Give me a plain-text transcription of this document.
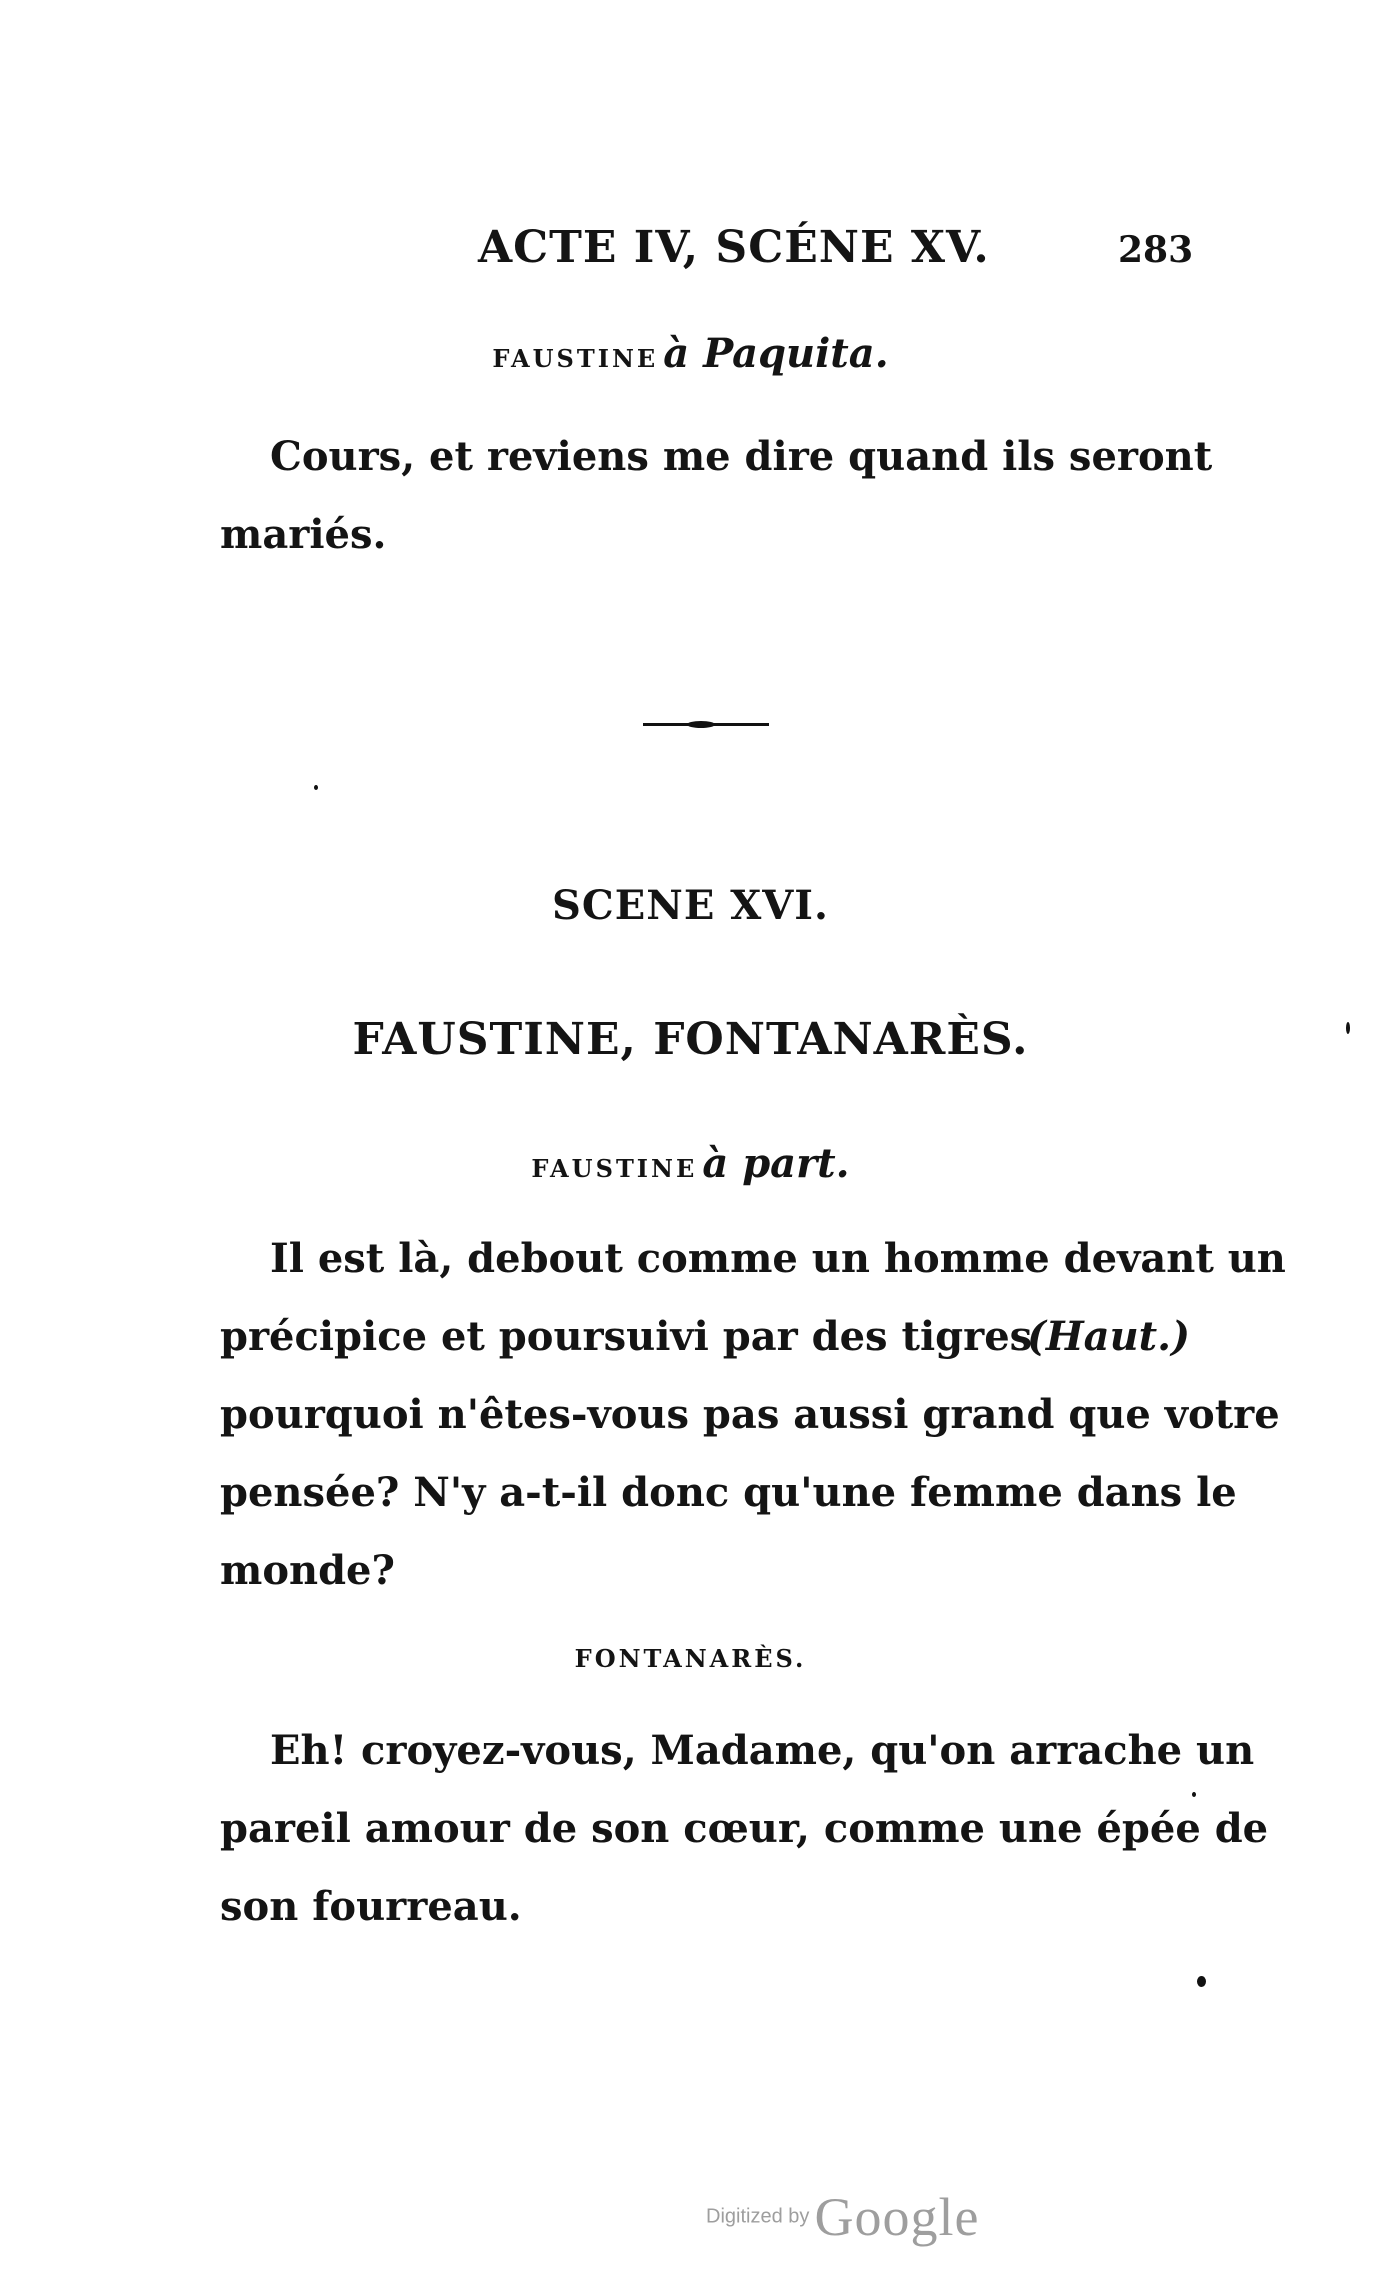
ACTE IV, SCÉNE XV.	283
FAUSTINE à Paquita.
Cours, et reviens me dire quand ils seront
mariés.
SCENE XVI.
FAUSTINE, FONTANARÈS.
FAUSTINE à part.
Il est là, debout comme un homme devant un
précipice et poursuivi par des tigres
(Haut.)
pourquoi n'êtes-vous pas aussi grand que votre
pensée? N'y a-t-il donc qu'une femme dans le
monde?
FONTANARÈS.
Eh! croyez-vous, Madame, qu'on arrache un
pareil amour de son cœur, comme une épée de
son fourreau.
Digitized by Google
